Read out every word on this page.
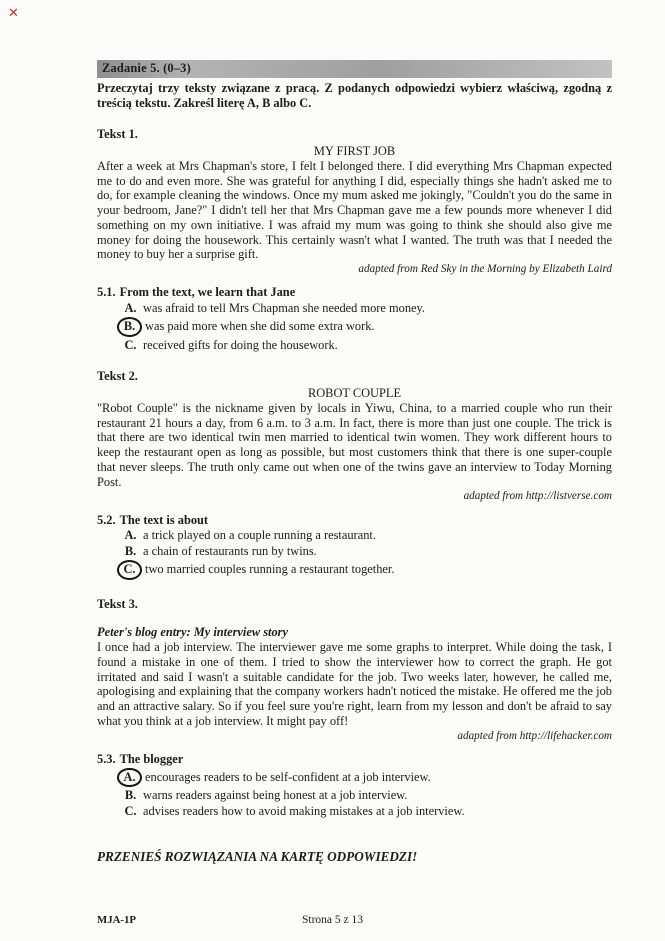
✕
Zadanie 5. (0–3)
Przeczytaj trzy teksty związane z pracą. Z podanych odpowiedzi wybierz właściwą, zgodną z treścią tekstu. Zakreśl literę A, B albo C.
Tekst 1.
MY FIRST JOB

After a week at Mrs Chapman's store, I felt I belonged there. I did everything Mrs Chapman expected me to do and even more. She was grateful for anything I did, especially things she hadn't asked me to do, for example cleaning the windows. Once my mum asked me jokingly, "Couldn't you do the same in your bedroom, Jane?" I didn't tell her that Mrs Chapman gave me a few pounds more whenever I did something on my own initiative. I was afraid my mum was going to think she should also give me money for doing the housework. This certainly wasn't what I wanted. The truth was that I needed the money to buy her a surprise gift.

adapted from Red Sky in the Morning by Elizabeth Laird
5.1. From the text, we learn that Jane
A. was afraid to tell Mrs Chapman she needed more money.
B. was paid more when she did some extra work.
C. received gifts for doing the housework.
Tekst 2.
ROBOT COUPLE

"Robot Couple" is the nickname given by locals in Yiwu, China, to a married couple who run their restaurant 21 hours a day, from 6 a.m. to 3 a.m. In fact, there is more than just one couple. The trick is that there are two identical twin men married to identical twin women. They work different hours to keep the restaurant open as long as possible, but most customers think that there is one super-couple that never sleeps. The truth only came out when one of the twins gave an interview to Today Morning Post.

adapted from http://listverse.com
5.2. The text is about
A. a trick played on a couple running a restaurant.
B. a chain of restaurants run by twins.
C. two married couples running a restaurant together.
Tekst 3.
Peter's blog entry: My interview story

I once had a job interview. The interviewer gave me some graphs to interpret. While doing the task, I found a mistake in one of them. I tried to show the interviewer how to correct the graph. He got irritated and said I wasn't a suitable candidate for the job. Two weeks later, however, he called me, apologising and explaining that the company workers hadn't noticed the mistake. He offered me the job and an attractive salary. So if you feel sure you're right, learn from my lesson and don't be afraid to say what you think at a job interview. It might pay off!

adapted from http://lifehacker.com
5.3. The blogger
A. encourages readers to be self-confident at a job interview.
B. warns readers against being honest at a job interview.
C. advises readers how to avoid making mistakes at a job interview.
PRZENIEŚ ROZWIĄZANIA NA KARTĘ ODPOWIEDZI!
MJA-1P	Strona 5 z 13
